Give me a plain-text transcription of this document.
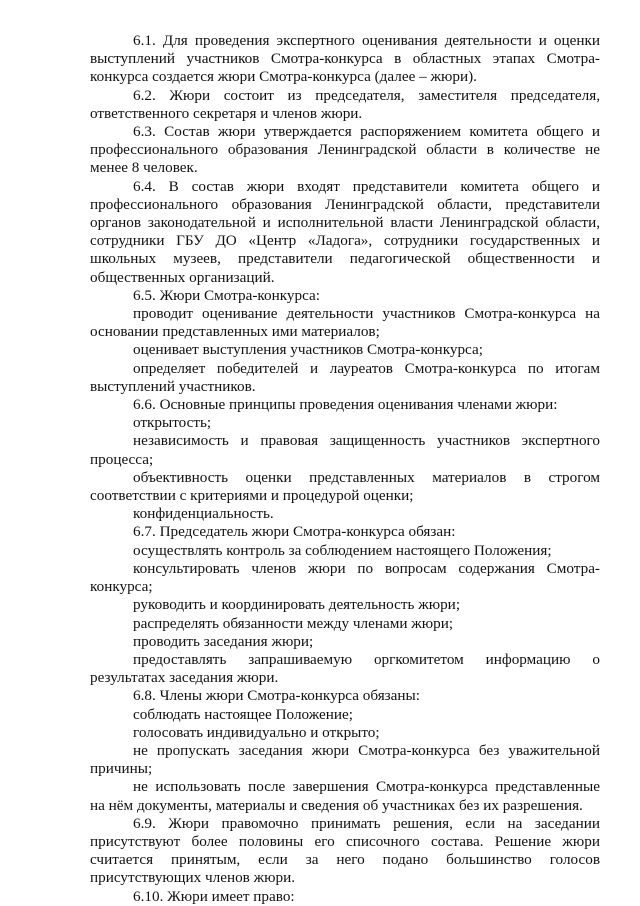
6.1. Для проведения экспертного оценивания деятельности и оценки выступлений участников Смотра-конкурса в областных этапах Смотра-конкурса создается жюри Смотра-конкурса (далее – жюри).

6.2. Жюри состоит из председателя, заместителя председателя, ответственного секретаря и членов жюри.

6.3. Состав жюри утверждается распоряжением комитета общего и профессионального образования Ленинградской области в количестве не менее 8 человек.

6.4. В состав жюри входят представители комитета общего и профессионального образования Ленинградской области, представители органов законодательной и исполнительной власти Ленинградской области, сотрудники ГБУ ДО «Центр «Ладога», сотрудники государственных и школьных музеев, представители педагогической общественности и общественных организаций.

6.5. Жюри Смотра-конкурса:

проводит оценивание деятельности участников Смотра-конкурса на основании представленных ими материалов;

оценивает выступления участников Смотра-конкурса;

определяет победителей и лауреатов Смотра-конкурса по итогам выступлений участников.

6.6. Основные принципы проведения оценивания членами жюри:

открытость;

независимость и правовая защищенность участников экспертного процесса;

объективность оценки представленных материалов в строгом соответствии с критериями и процедурой оценки;

конфиденциальность.

6.7. Председатель жюри Смотра-конкурса обязан:

осуществлять контроль за соблюдением настоящего Положения;

консультировать членов жюри по вопросам содержания Смотра-конкурса;

руководить и координировать деятельность жюри;

распределять обязанности между членами жюри;

проводить заседания жюри;

предоставлять запрашиваемую оргкомитетом информацию о результатах заседания жюри.

6.8. Члены жюри Смотра-конкурса обязаны:

соблюдать настоящее Положение;

голосовать индивидуально и открыто;

не пропускать заседания жюри Смотра-конкурса без уважительной причины;

не использовать после завершения Смотра-конкурса представленные на нём документы, материалы и сведения об участниках без их разрешения.

6.9. Жюри правомочно принимать решения, если на заседании присутствуют более половины его списочного состава. Решение жюри считается принятым, если за него подано большинство голосов присутствующих членов жюри.

6.10. Жюри имеет право:
